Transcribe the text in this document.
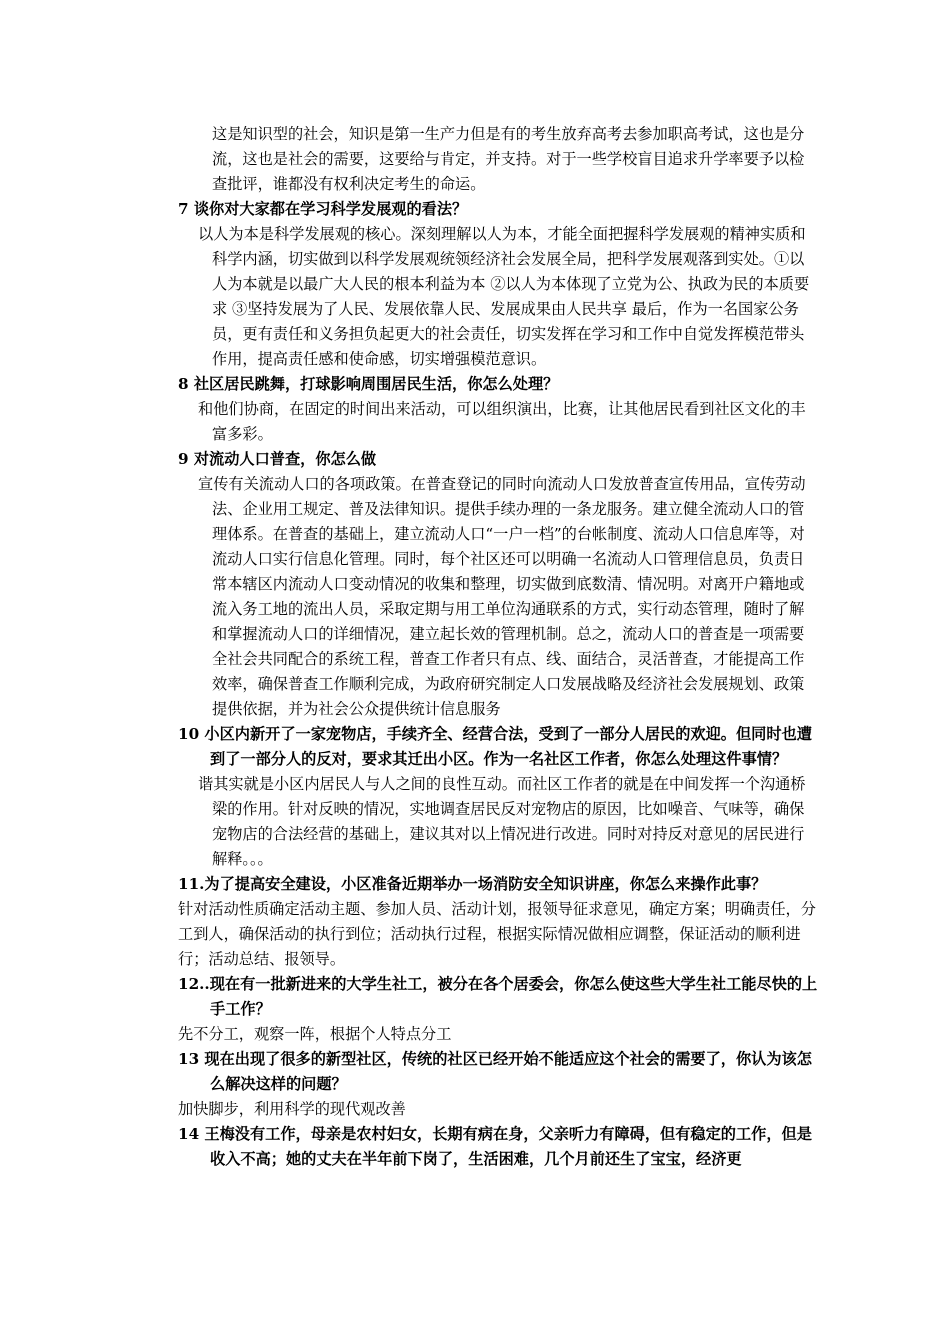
这是知识型的社会，知识是第一生产力但是有的考生放弃高考去参加职高考试，这也是分流，这也是社会的需要，这要给与肯定，并支持。对于一些学校盲目追求升学率要予以检查批评，谁都没有权利决定考生的命运。

7 谈你对大家都在学习科学发展观的看法？

以人为本是科学发展观的核心。深刻理解以人为本，才能全面把握科学发展观的精神实质和科学内涵，切实做到以科学发展观统领经济社会发展全局，把科学发展观落到实处。①以人为本就是以最广大人民的根本利益为本 ②以人为本体现了立党为公、执政为民的本质要求 ③坚持发展为了人民、发展依靠人民、发展成果由人民共享 最后，作为一名国家公务员，更有责任和义务担负起更大的社会责任，切实发挥在学习和工作中自觉发挥模范带头作用，提高责任感和使命感，切实增强模范意识。

8 社区居民跳舞，打球影响周围居民生活，你怎么处理？

和他们协商，在固定的时间出来活动，可以组织演出，比赛，让其他居民看到社区文化的丰富多彩。

9 对流动人口普查，你怎么做

宣传有关流动人口的各项政策。在普查登记的同时向流动人口发放普查宣传用品，宣传劳动法、企业用工规定、普及法律知识。提供手续办理的一条龙服务。建立健全流动人口的管理体系。在普查的基础上，建立流动人口“一户一档”的台帐制度、流动人口信息库等，对流动人口实行信息化管理。同时，每个社区还可以明确一名流动人口管理信息员，负责日常本辖区内流动人口变动情况的收集和整理，切实做到底数清、情况明。对离开户籍地或流入务工地的流出人员，采取定期与用工单位沟通联系的方式，实行动态管理，随时了解和掌握流动人口的详细情况，建立起长效的管理机制。总之，流动人口的普查是一项需要全社会共同配合的系统工程，普查工作者只有点、线、面结合，灵活普查，才能提高工作效率，确保普查工作顺利完成，为政府研究制定人口发展战略及经济社会发展规划、政策提供依据，并为社会公众提供统计信息服务

10 小区内新开了一家宠物店，手续齐全、经营合法，受到了一部分人居民的欢迎。但同时也遭到了一部分人的反对，要求其迁出小区。作为一名社区工作者，你怎么处理这件事情？

谐其实就是小区内居民人与人之间的良性互动。而社区工作者的就是在中间发挥一个沟通桥梁的作用。针对反映的情况，实地调查居民反对宠物店的原因，比如噪音、气味等，确保宠物店的合法经营的基础上，建议其对以上情况进行改进。同时对持反对意见的居民进行解释。。。

11.为了提高安全建设，小区准备近期举办一场消防安全知识讲座，你怎么来操作此事？

针对活动性质确定活动主题、参加人员、活动计划，报领导征求意见，确定方案；明确责任，分工到人，确保活动的执行到位；活动执行过程，根据实际情况做相应调整，保证活动的顺利进行；活动总结、报领导。

12..现在有一批新进来的大学生社工，被分在各个居委会，你怎么使这些大学生社工能尽快的上手工作？

先不分工，观察一阵，根据个人特点分工

13 现在出现了很多的新型社区，传统的社区已经开始不能适应这个社会的需要了，你认为该怎么解决这样的问题？

加快脚步，利用科学的现代观改善

14 王梅没有工作，母亲是农村妇女，长期有病在身，父亲听力有障碍，但有稳定的工作，但是收入不高；她的丈夫在半年前下岗了，生活困难，几个月前还生了宝宝，经济更
